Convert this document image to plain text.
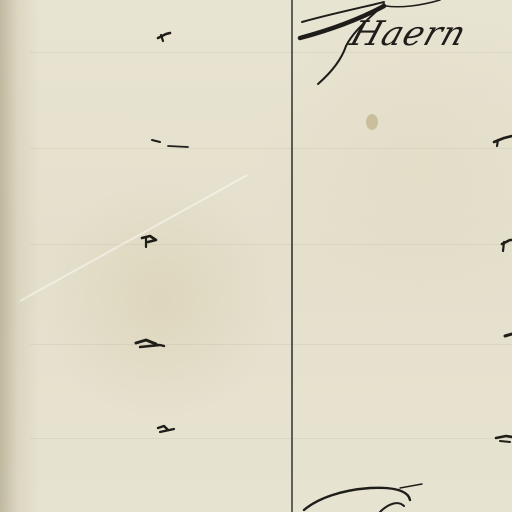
Haern
